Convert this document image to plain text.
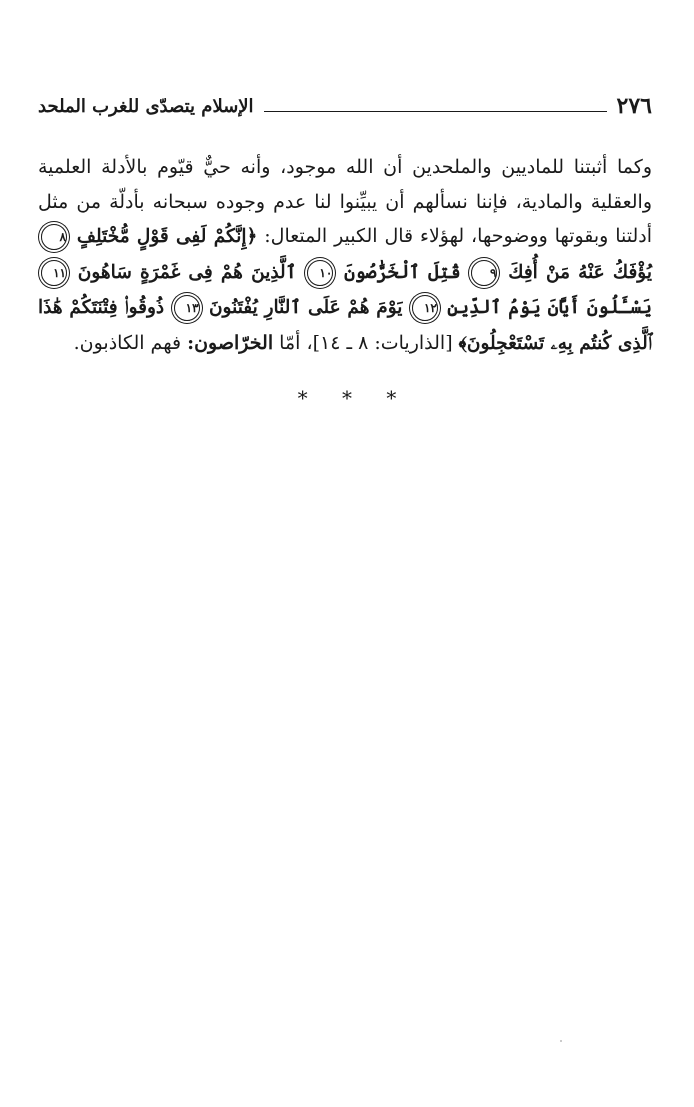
٢٧٦
الإسلام يتصدّى للغرب الملحد

وكما أثبتنا للماديين والملحدين أن الله موجود، وأنه حيٌّ قيّوم بالأدلة العلمية والعقلية والمادية، فإننا نسألهم أن يبيِّنوا لنا عدم وجوده سبحانه بأدلّة من مثل أدلتنا وبقوتها ووضوحها، لهؤلاء قال الكبير المتعال: ﴿إِنَّكُمْ لَفِى قَوْلٍ مُّخْتَلِفٍ ٨ يُؤْفَكُ عَنْهُ مَنْ أُفِكَ ٩ قُتِلَ ٱلْخَرَّٰصُونَ ١٠ ٱلَّذِينَ هُمْ فِى غَمْرَةٍ سَاهُونَ ١١ يَسْـَٔلُونَ أَيَّانَ يَوْمُ ٱلدِّينِ ١٢ يَوْمَ هُمْ عَلَى ٱلنَّارِ يُفْتَنُونَ ١٣ ذُوقُوا۟ فِتْنَتَكُمْ هَٰذَا ٱلَّذِى كُنتُم بِهِۦ تَسْتَعْجِلُونَ﴾ [الذاريات: ٨ ـ ١٤]، أمّا الخرّاصون: فهم الكاذبون.

* * *
